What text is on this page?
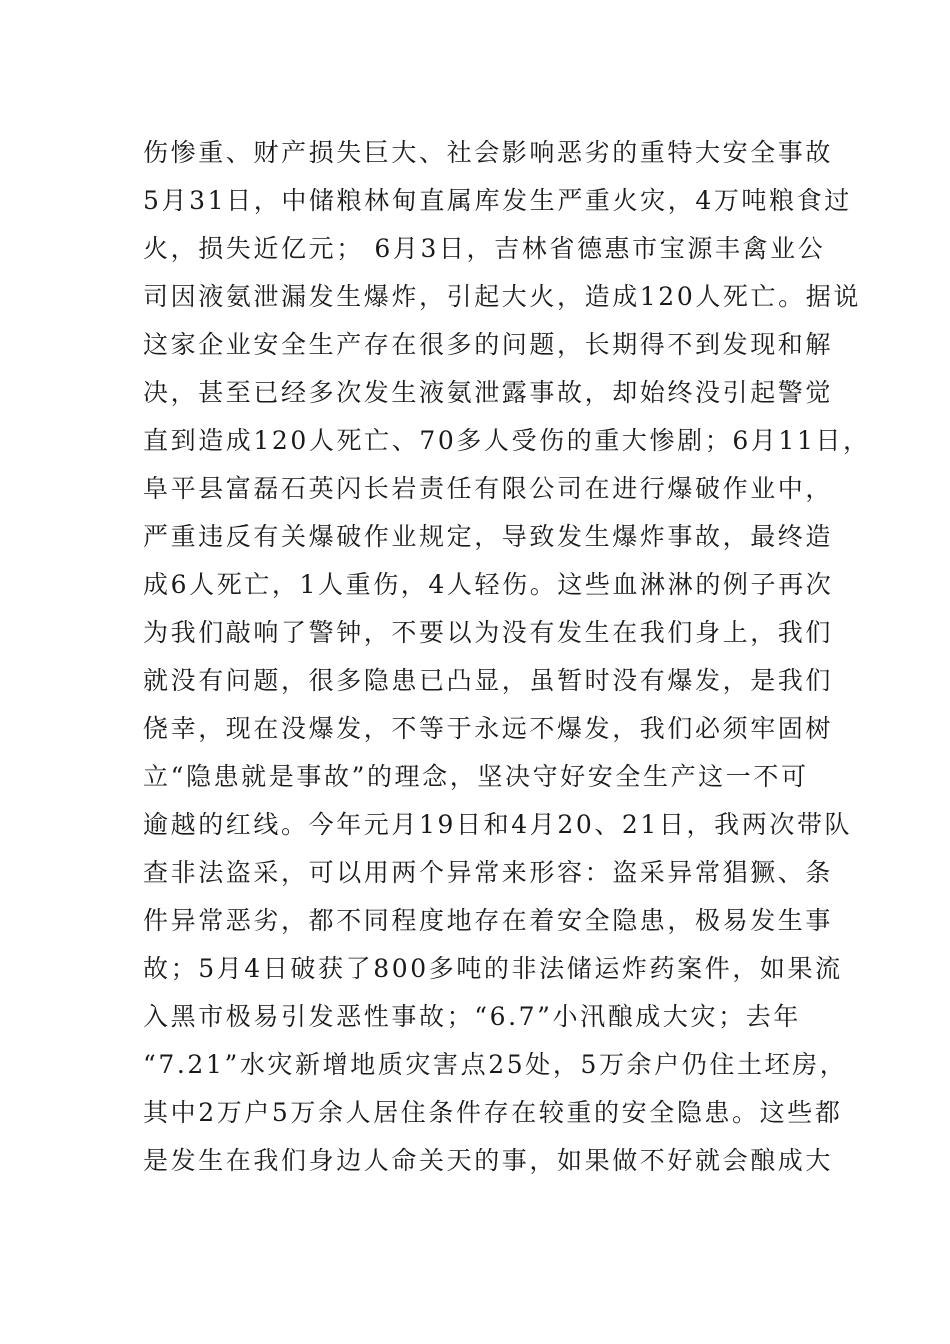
伤惨重、财产损失巨大、社会影响恶劣的重特大安全事故
5月31日，中储粮林甸直属库发生严重火灾，4万吨粮食过
火，损失近亿元； 6月3日，吉林省德惠市宝源丰禽业公
司因液氨泄漏发生爆炸，引起大火，造成120人死亡。据说
这家企业安全生产存在很多的问题，长期得不到发现和解
决，甚至已经多次发生液氨泄露事故，却始终没引起警觉
直到造成120人死亡、70多人受伤的重大惨剧；6月11日，
阜平县富磊石英闪长岩责任有限公司在进行爆破作业中，
严重违反有关爆破作业规定，导致发生爆炸事故，最终造
成6人死亡，1人重伤，4人轻伤。这些血淋淋的例子再次
为我们敲响了警钟，不要以为没有发生在我们身上，我们
就没有问题，很多隐患已凸显，虽暂时没有爆发，是我们
侥幸，现在没爆发，不等于永远不爆发，我们必须牢固树
立“隐患就是事故”的理念，坚决守好安全生产这一不可
逾越的红线。今年元月19日和4月20、21日，我两次带队
查非法盗采，可以用两个异常来形容：盗采异常猖獗、条
件异常恶劣，都不同程度地存在着安全隐患，极易发生事
故；5月4日破获了800多吨的非法储运炸药案件，如果流
入黑市极易引发恶性事故；“6.7”小汛酿成大灾；去年
“7.21”水灾新增地质灾害点25处，5万余户仍住土坯房，
其中2万户5万余人居住条件存在较重的安全隐患。这些都
是发生在我们身边人命关天的事，如果做不好就会酿成大
